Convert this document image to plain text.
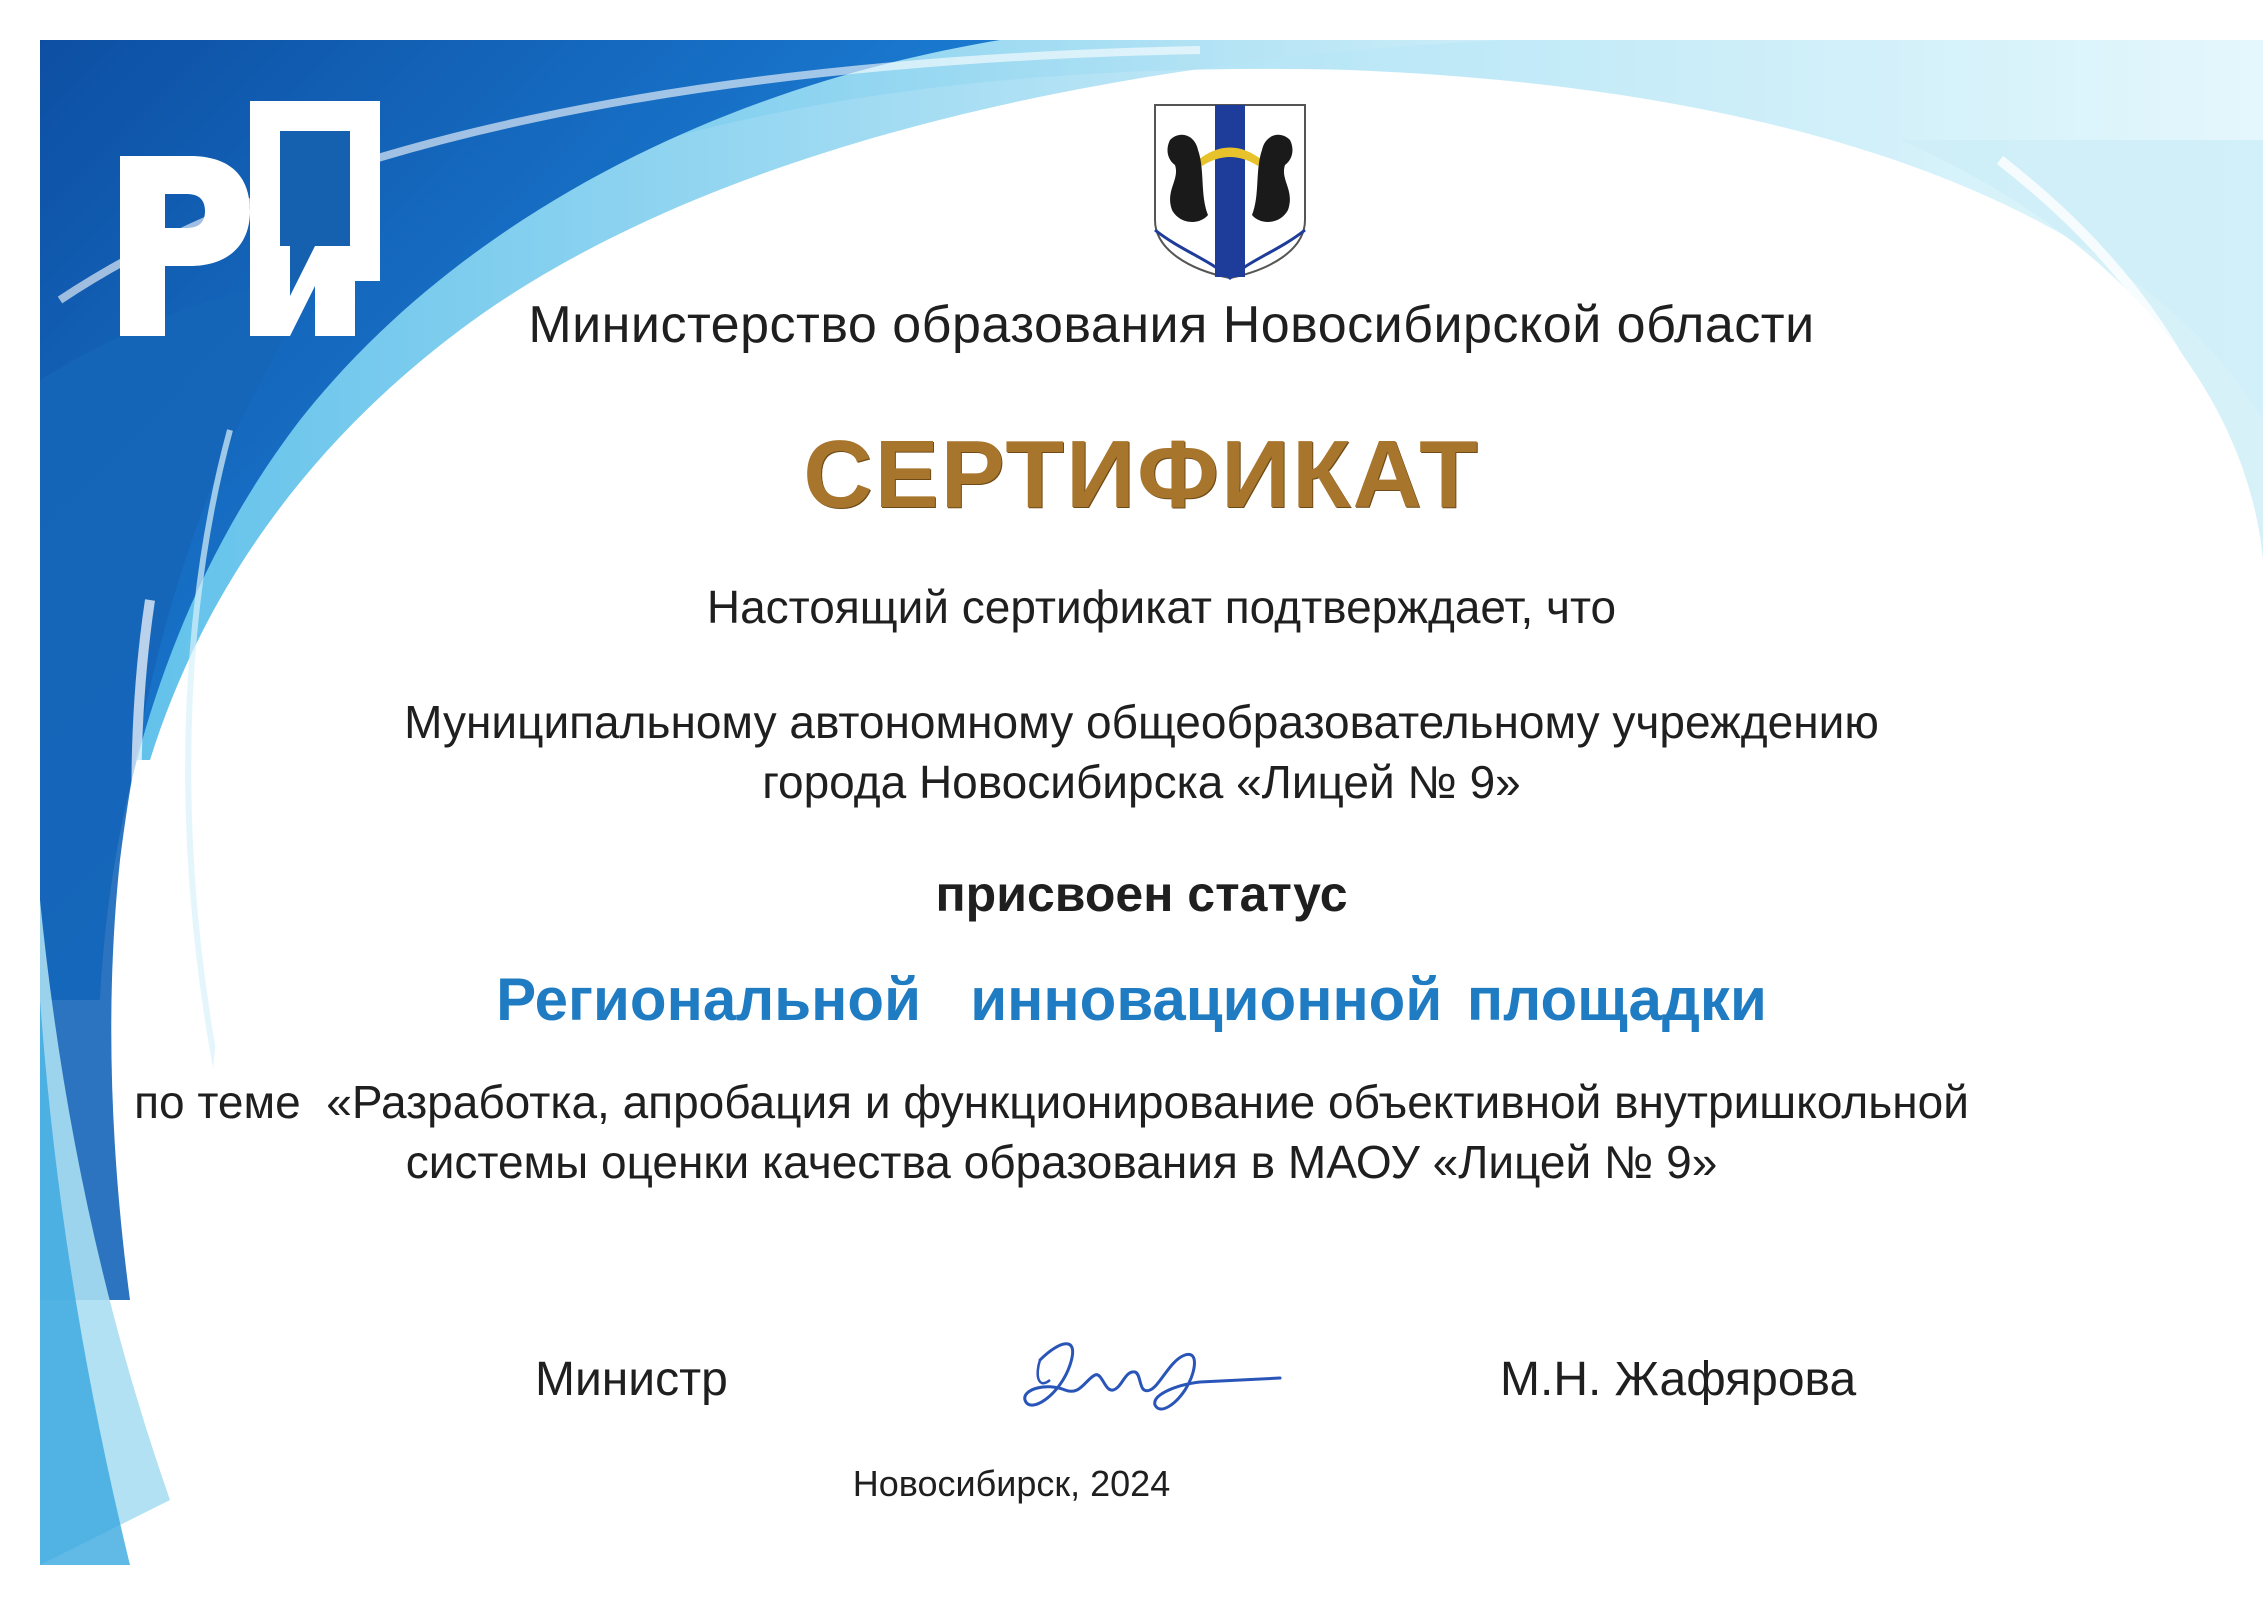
Министерство образования Новосибирской области
СЕРТИФИКАТ
Настоящий сертификат подтверждает, что
Муниципальному автономному общеобразовательному учреждению
города Новосибирска «Лицей № 9»
присвоен статус
Региональной  инновационной площадки
по теме  «Разработка, апробация и функционирование объективной внутришкольной
системы оценки качества образования в МАОУ «Лицей № 9»
Министр	М.Н. Жафярова
Новосибирск, 2024
